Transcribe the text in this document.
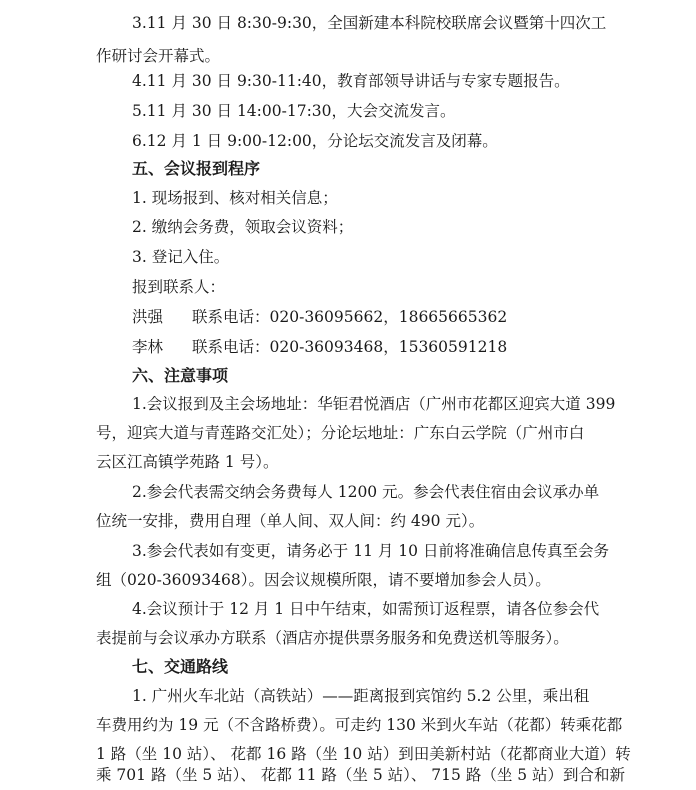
3.11 月 30 日 8:30-9:30，全国新建本科院校联席会议暨第十四次工
作研讨会开幕式。
4.11 月 30 日 9:30-11:40，教育部领导讲话与专家专题报告。
5.11 月 30 日 14:00-17:30，大会交流发言。
6.12 月 1 日 9:00-12:00，分论坛交流发言及闭幕。
五、会议报到程序
1. 现场报到、核对相关信息；
2. 缴纳会务费，领取会议资料；
3. 登记入住。
报到联系人：
洪强 联系电话：020-36095662，18665665362
李林 联系电话：020-36093468，15360591218
六、注意事项
1.会议报到及主会场地址：华钜君悦酒店（广州市花都区迎宾大道 399
号，迎宾大道与青莲路交汇处）；分论坛地址：广东白云学院（广州市白
云区江高镇学苑路 1 号）。
2.参会代表需交纳会务费每人 1200 元。参会代表住宿由会议承办单
位统一安排，费用自理（单人间、双人间：约 490 元）。
3.参会代表如有变更，请务必于 11 月 10 日前将准确信息传真至会务
组（020-36093468）。因会议规模所限，请不要增加参会人员）。
4.会议预计于 12 月 1 日中午结束，如需预订返程票，请各位参会代
表提前与会议承办方联系（酒店亦提供票务服务和免费送机等服务）。
七、交通路线
1. 广州火车北站（高铁站）——距离报到宾馆约 5.2 公里，乘出租
车费用约为 19 元（不含路桥费）。可走约 130 米到火车站（花都）转乘花都
1 路（坐 10 站）、 花都 16 路（坐 10 站）到田美新村站（花都商业大道）转
乘 701 路（坐 5 站）、 花都 11 路（坐 5 站）、 715 路（坐 5 站）到合和新
